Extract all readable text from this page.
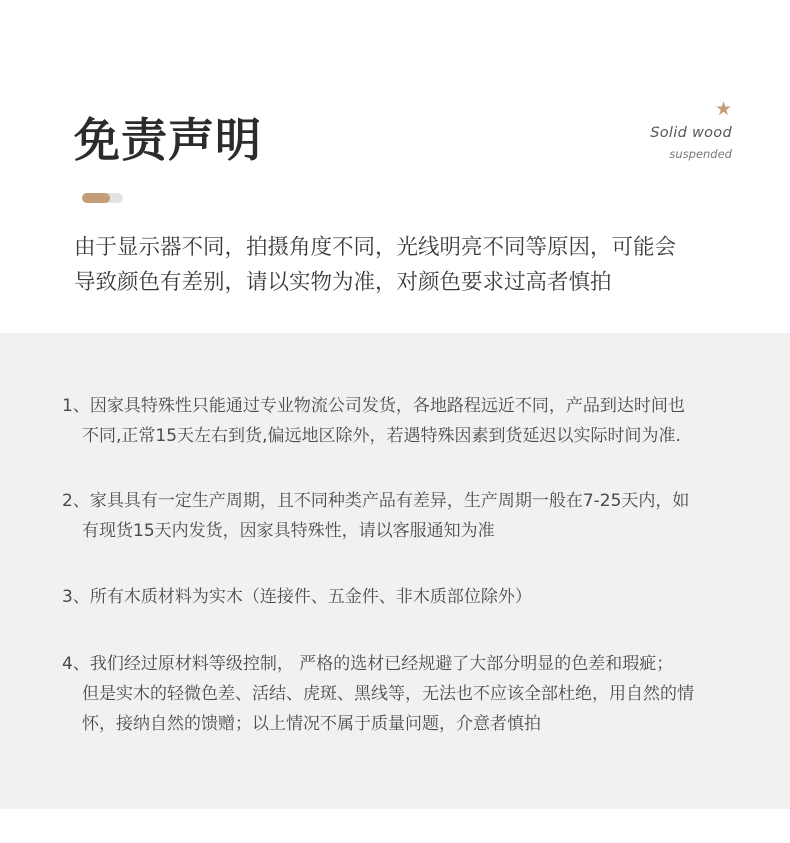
免责声明
★
Solid wood
suspended

由于显示器不同，拍摄角度不同，光线明亮不同等原因，可能会

导致颜色有差别，请以实物为准，对颜色要求过高者慎拍

1、因家具特殊性只能通过专业物流公司发货，各地路程远近不同，产品到达时间也

不同,正常15天左右到货,偏远地区除外，若遇特殊因素到货延迟以实际时间为准.

2、家具具有一定生产周期，且不同种类产品有差异，生产周期一般在7-25天内，如

有现货15天内发货，因家具特殊性，请以客服通知为准

3、所有木质材料为实木（连接件、五金件、非木质部位除外）

4、我们经过原材料等级控制， 严格的选材已经规避了大部分明显的色差和瑕疵；

但是实木的轻微色差、活结、虎斑、黑线等，无法也不应该全部杜绝，用自然的情

怀，接纳自然的馈赠；以上情况不属于质量问题，介意者慎拍
